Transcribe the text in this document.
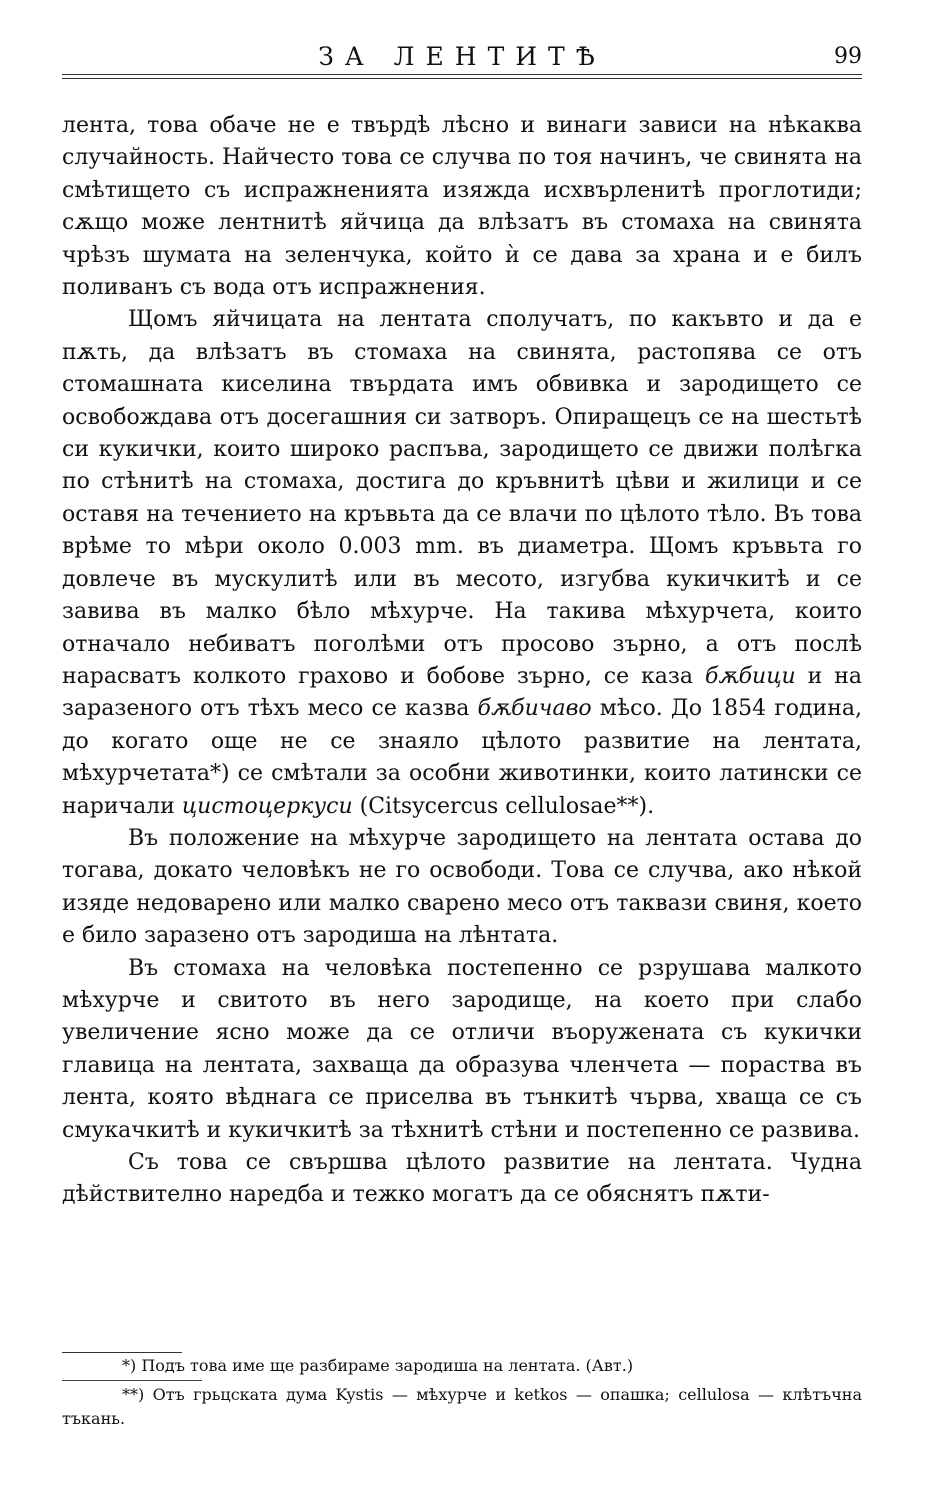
ЗА ЛЕНТИТѢ	99

лента, това обаче не е твърдѣ лѣсно и винаги зависи на нѣкаква случайность. Найчесто това се случва по тоя начинъ, че свинята на смѣтището съ испражненията изяжда исхвърленитѣ проглотиди; сѫщо може лентнитѣ яйчица да влѣзатъ въ стомаха на свинята чрѣзъ шумата на зеленчука, който ѝ се дава за храна и е билъ поливанъ съ вода отъ испражнения.

Щомъ яйчицата на лентата сполучатъ, по какъвто и да е пѫть, да влѣзатъ въ стомаха на свинята, растопява се отъ стомашната киселина твърдата имъ обвивка и зародището се освобождава отъ досегашния си затворъ. Опиращецъ се на шестьтѣ си кукички, които широко распъва, зародището се движи полѣгка по стѣнитѣ на стомаха, достига до кръвнитѣ цѣви и жилици и се оставя на течението на кръвьта да се влачи по цѣлото тѣло. Въ това врѣме то мѣри около 0.003 mm. въ диаметра. Щомъ кръвьта го довлече въ мускулитѣ или въ месото, изгубва кукичкитѣ и се завива въ малко бѣло мѣхурче. На такива мѣхурчета, които отначало небиватъ поголѣми отъ просово зърно, а отъ послѣ нарасватъ колкото грахово и бобове зърно, се каза бѫбици и на заразеного отъ тѣхъ месо се казва бѫбичаво мѣсо. До 1854 година, до когато още не се знаяло цѣлото развитие на лентата, мѣхурчетата*) се смѣтали за особни животинки, които латински се наричали цистоцеркуси (Citsycercus cellulosae**).

Въ положение на мѣхурче зародището на лентата остава до тогава, докато человѣкъ не го освободи. Това се случва, ако нѣкой изяде недоварено или малко сварено месо отъ таквази свиня, което е било заразено отъ зародиша на лѣнтата.

Въ стомаха на человѣка постепенно се рзрушава малкото мѣхурче и свитото въ него зародище, на което при слабо увеличение ясно може да се отличи въоружената съ кукички главица на лентата, захваща да образува членчета — пораства въ лента, която вѣднага се приселва въ тънкитѣ чърва, хваща се съ смукачкитѣ и кукичкитѣ за тѣхнитѣ стѣни и постепенно се развива.

Съ това се свършва цѣлото развитие на лентата. Чудна дѣйствително наредба и тежко могатъ да се обяснятъ пѫти-

*) Подъ това име ще разбираме зародиша на лентата. (Авт.)

**) Отъ грьцската дума Kystis — мѣхурче и ketkos — опашка; cellulosa — клѣтъчна тъкань.
